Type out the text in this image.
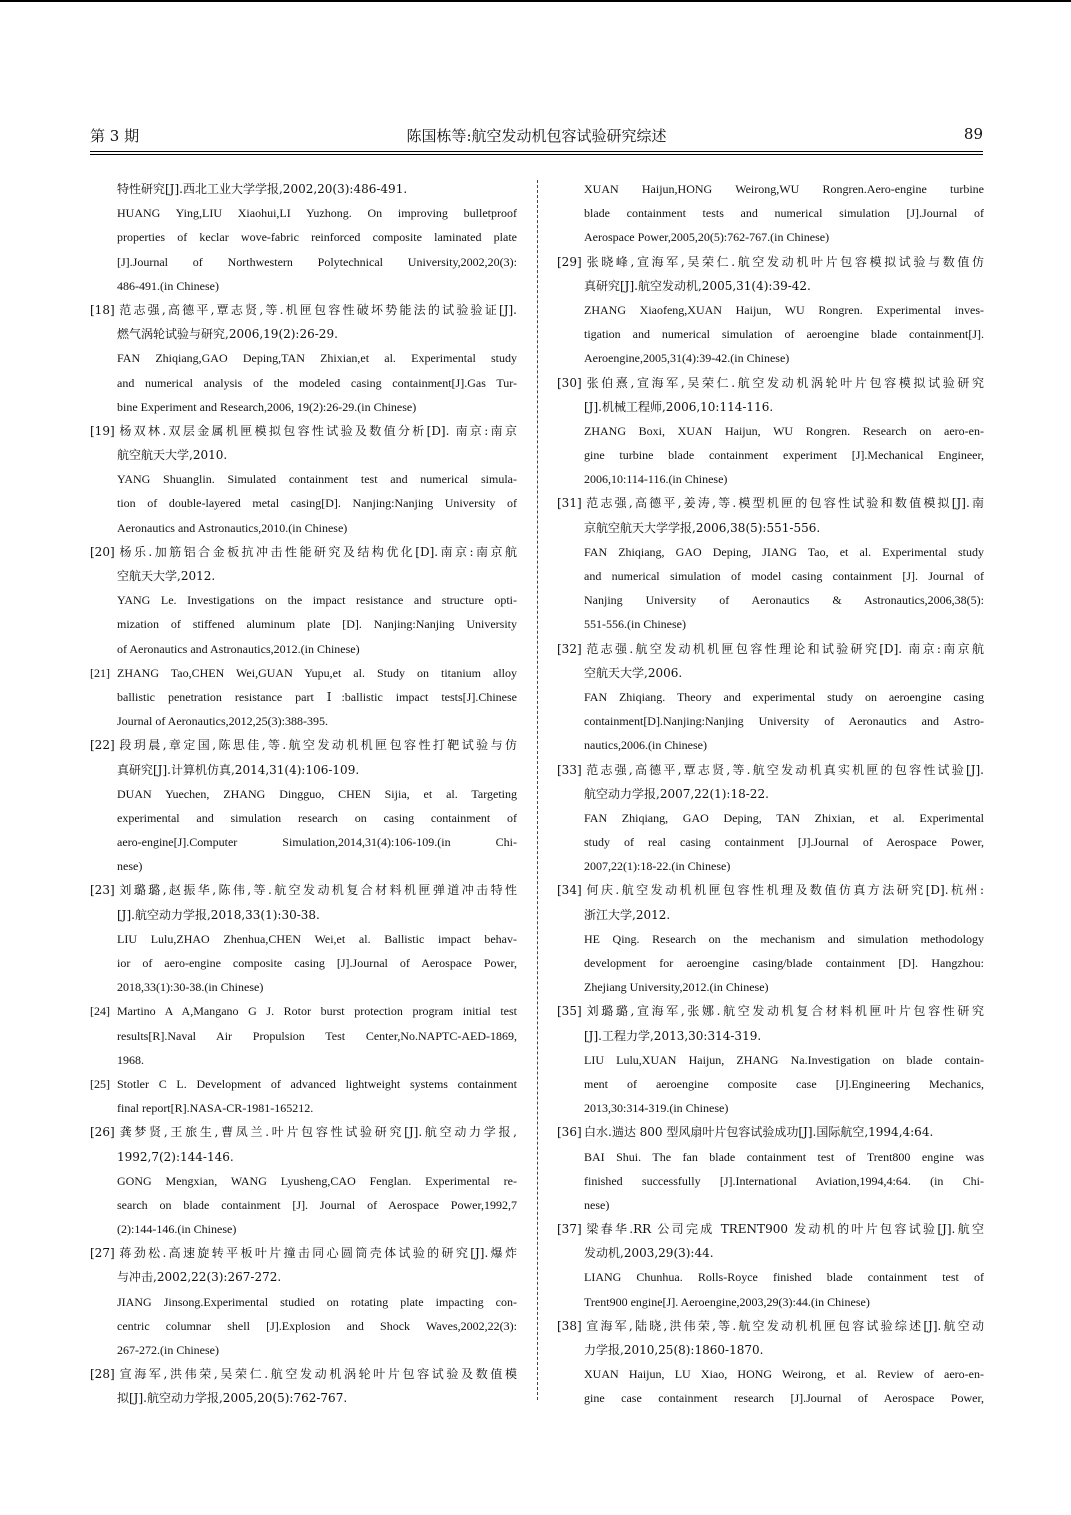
第 3 期	陈国栋等:航空发动机包容试验研究综述	89
特性研究[J].西北工业大学学报,2002,20(3):486-491.
HUANG Ying,LIU Xiaohui,LI Yuzhong. On improving bulletproof
properties of keclar wove-fabric reinforced composite laminated plate
[J].Journal of Northwestern Polytechnical University,2002,20(3):
486-491.(in Chinese)
[18] 范志强,高德平,覃志贤,等.机匣包容性破坏势能法的试验验证[J].
燃气涡轮试验与研究,2006,19(2):26-29.
FAN Zhiqiang,GAO Deping,TAN Zhixian,et al. Experimental study
and numerical analysis of the modeled casing containment[J].Gas Tur-
bine Experiment and Research,2006, 19(2):26-29.(in Chinese)
[19] 杨双林.双层金属机匣模拟包容性试验及数值分析[D]. 南京:南京
航空航天大学,2010.
YANG Shuanglin. Simulated containment test and numerical simula-
tion of double-layered metal casing[D]. Nanjing:Nanjing University of
Aeronautics and Astronautics,2010.(in Chinese)
[20] 杨乐.加筋铝合金板抗冲击性能研究及结构优化[D].南京:南京航
空航天大学,2012.
YANG Le. Investigations on the impact resistance and structure opti-
mization of stiffened aluminum plate [D]. Nanjing:Nanjing University
of Aeronautics and Astronautics,2012.(in Chinese)
[21] ZHANG Tao,CHEN Wei,GUAN Yupu,et al. Study on titanium alloy
ballistic penetration resistance part Ⅰ:ballistic impact tests[J].Chinese
Journal of Aeronautics,2012,25(3):388-395.
[22] 段玥晨,章定国,陈思佳,等.航空发动机机匣包容性打靶试验与仿
真研究[J].计算机仿真,2014,31(4):106-109.
DUAN Yuechen, ZHANG Dingguo, CHEN Sijia, et al. Targeting
experimental and simulation research on casing containment of
aero-engine[J].Computer Simulation,2014,31(4):106-109.(in Chi-
nese)
[23] 刘璐璐,赵振华,陈伟,等.航空发动机复合材料机匣弹道冲击特性
[J].航空动力学报,2018,33(1):30-38.
LIU Lulu,ZHAO Zhenhua,CHEN Wei,et al. Ballistic impact behav-
ior of aero-engine composite casing [J].Journal of Aerospace Power,
2018,33(1):30-38.(in Chinese)
[24] Martino A A,Mangano G J. Rotor burst protection program initial test
results[R].Naval Air Propulsion Test Center,No.NAPTC-AED-1869,
1968.
[25] Stotler C L. Development of advanced lightweight systems containment
final report[R].NASA-CR-1981-165212.
[26] 龚梦贤,王旅生,曹凤兰.叶片包容性试验研究[J].航空动力学报,
1992,7(2):144-146.
GONG Mengxian, WANG Lyusheng,CAO Fenglan. Experimental re-
search on blade containment [J]. Journal of Aerospace Power,1992,7
(2):144-146.(in Chinese)
[27] 蒋劲松.高速旋转平板叶片撞击同心圆筒壳体试验的研究[J].爆炸
与冲击,2002,22(3):267-272.
JIANG Jinsong.Experimental studied on rotating plate impacting con-
centric columnar shell [J].Explosion and Shock Waves,2002,22(3):
267-272.(in Chinese)
[28] 宣海军,洪伟荣,吴荣仁.航空发动机涡轮叶片包容试验及数值模
拟[J].航空动力学报,2005,20(5):762-767.
XUAN Haijun,HONG Weirong,WU Rongren.Aero-engine turbine
blade containment tests and numerical simulation [J].Journal of
Aerospace Power,2005,20(5):762-767.(in Chinese)
[29] 张晓峰,宣海军,吴荣仁.航空发动机叶片包容模拟试验与数值仿
真研究[J].航空发动机,2005,31(4):39-42.
ZHANG Xiaofeng,XUAN Haijun, WU Rongren. Experimental inves-
tigation and numerical simulation of aeroengine blade containment[J].
Aeroengine,2005,31(4):39-42.(in Chinese)
[30] 张伯熹,宣海军,吴荣仁.航空发动机涡轮叶片包容模拟试验研究
[J].机械工程师,2006,10:114-116.
ZHANG Boxi, XUAN Haijun, WU Rongren. Research on aero-en-
gine turbine blade containment experiment [J].Mechanical Engineer,
2006,10:114-116.(in Chinese)
[31] 范志强,高德平,姜涛,等.模型机匣的包容性试验和数值模拟[J].南
京航空航天大学学报,2006,38(5):551-556.
FAN Zhiqiang, GAO Deping, JIANG Tao, et al. Experimental study
and numerical simulation of model casing containment [J]. Journal of
Nanjing University of Aeronautics & Astronautics,2006,38(5):
551-556.(in Chinese)
[32] 范志强.航空发动机机匣包容性理论和试验研究[D]. 南京:南京航
空航天大学,2006.
FAN Zhiqiang. Theory and experimental study on aeroengine casing
containment[D].Nanjing:Nanjing University of Aeronautics and Astro-
nautics,2006.(in Chinese)
[33] 范志强,高德平,覃志贤,等.航空发动机真实机匣的包容性试验[J].
航空动力学报,2007,22(1):18-22.
FAN Zhiqiang, GAO Deping, TAN Zhixian, et al. Experimental
study of real casing containment [J].Journal of Aerospace Power,
2007,22(1):18-22.(in Chinese)
[34] 何庆.航空发动机机匣包容性机理及数值仿真方法研究[D].杭州:
浙江大学,2012.
HE Qing. Research on the mechanism and simulation methodology
development for aeroengine casing/blade containment [D]. Hangzhou:
Zhejiang University,2012.(in Chinese)
[35] 刘璐璐,宣海军,张娜.航空发动机复合材料机匣叶片包容性研究
[J].工程力学,2013,30:314-319.
LIU Lulu,XUAN Haijun, ZHANG Na.Investigation on blade contain-
ment of aeroengine composite case [J].Engineering Mechanics,
2013,30:314-319.(in Chinese)
[36] 白水.遄达 800 型风扇叶片包容试验成功[J].国际航空,1994,4:64.
BAI Shui. The fan blade containment test of Trent800 engine was
finished successfully [J].International Aviation,1994,4:64. (in Chi-
nese)
[37] 梁春华.RR 公司完成 TRENT900 发动机的叶片包容试验[J].航空
发动机,2003,29(3):44.
LIANG Chunhua. Rolls-Royce finished blade containment test of
Trent900 engine[J]. Aeroengine,2003,29(3):44.(in Chinese)
[38] 宣海军,陆晓,洪伟荣,等.航空发动机机匣包容试验综述[J].航空动
力学报,2010,25(8):1860-1870.
XUAN Haijun, LU Xiao, HONG Weirong, et al. Review of aero-en-
gine case containment research [J].Journal of Aerospace Power,
